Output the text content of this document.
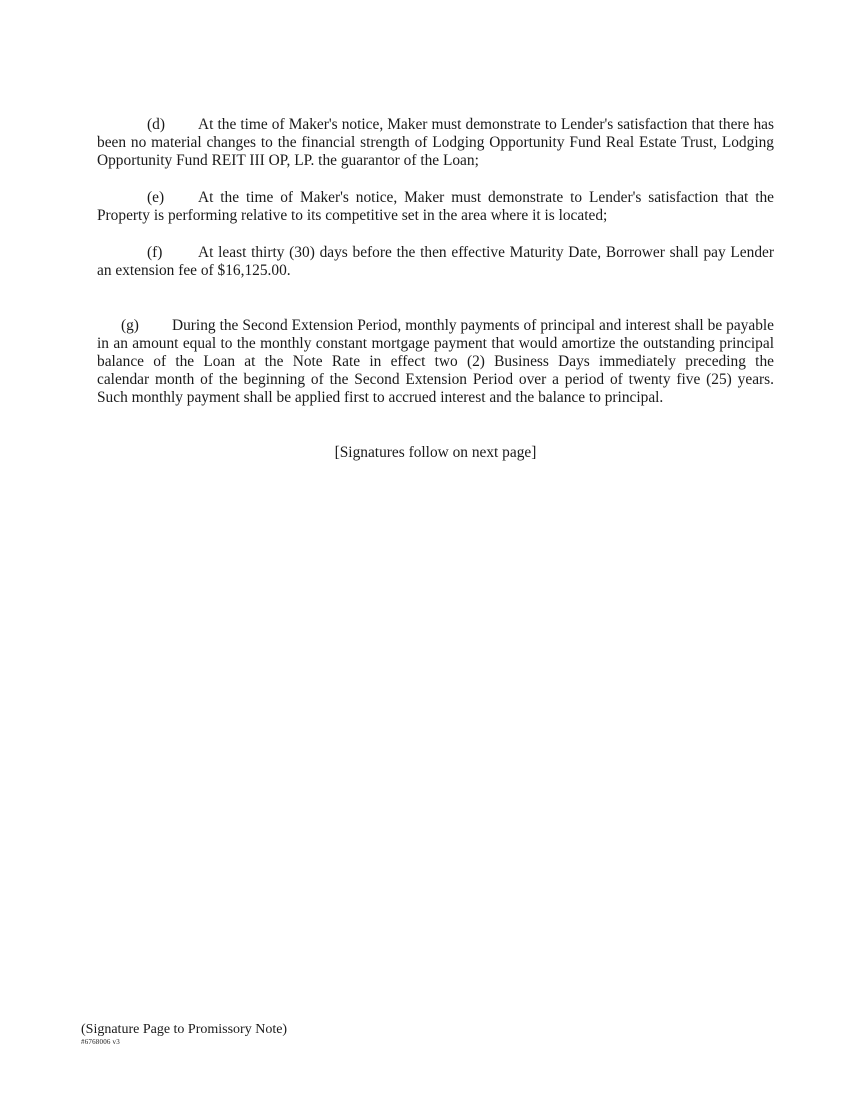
(d) At the time of Maker's notice, Maker must demonstrate to Lender's satisfaction that there has been no material changes to the financial strength of Lodging Opportunity Fund Real Estate Trust, Lodging Opportunity Fund REIT III OP, LP. the guarantor of the Loan;

(e) At the time of Maker's notice, Maker must demonstrate to Lender's satisfaction that the Property is performing relative to its competitive set in the area where it is located;

(f) At least thirty (30) days before the then effective Maturity Date, Borrower shall pay Lender an extension fee of $16,125.00.

(g) During the Second Extension Period, monthly payments of principal and interest shall be payable in an amount equal to the monthly constant mortgage payment that would amortize the outstanding principal balance of the Loan at the Note Rate in effect two (2) Business Days immediately preceding the          calendar month of the beginning of the Second Extension Period over a period of twenty five (25) years.  Such monthly payment shall be applied first to accrued interest and the balance to principal.

[Signatures follow on next page]

(Signature Page to Promissory Note)
#6768006 v3
